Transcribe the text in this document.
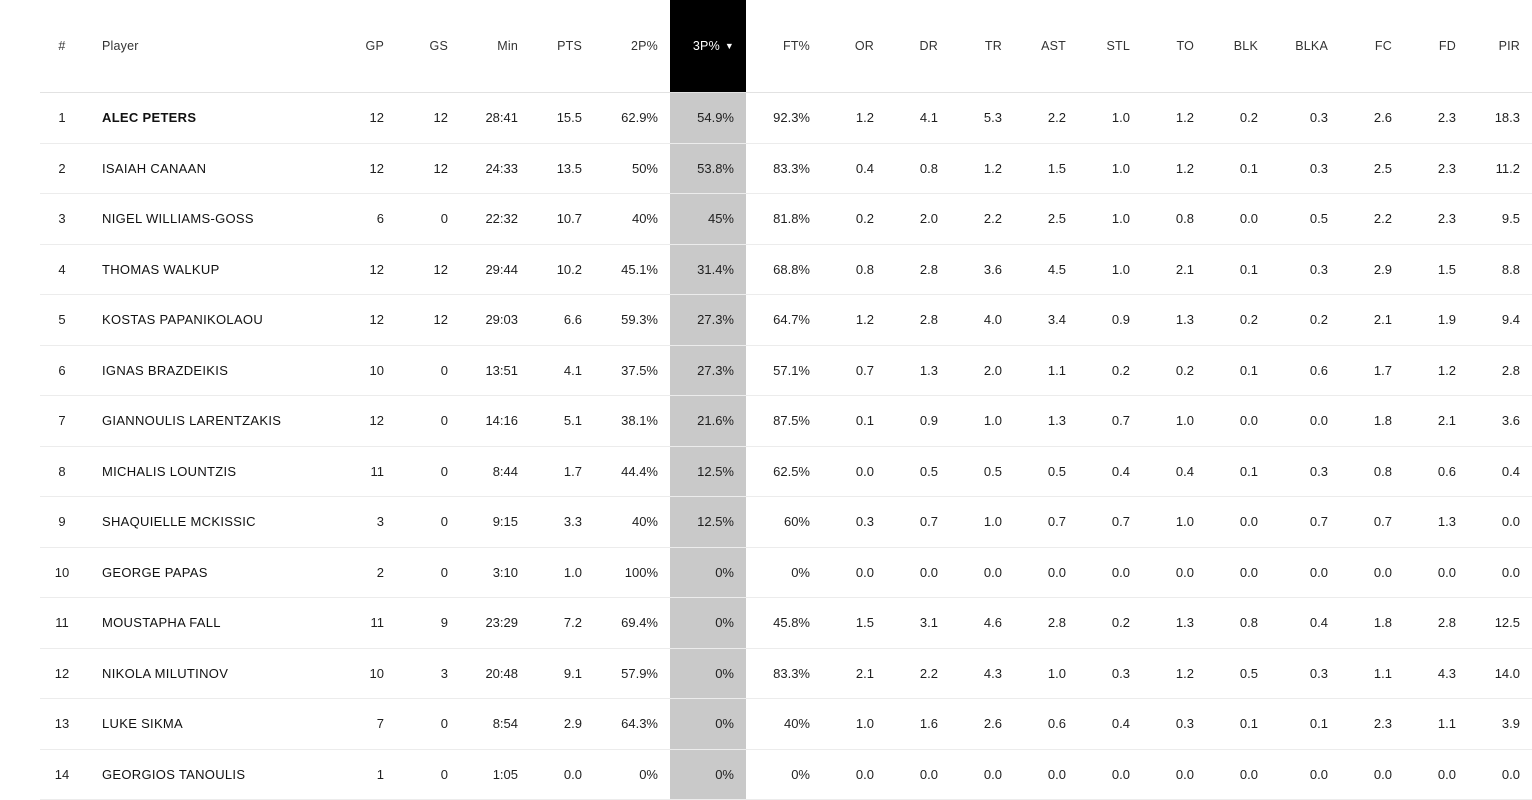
#	Player	GP	GS	Min	PTS	2P%	3P% ▼	FT%	OR	DR	TR	AST	STL	TO	BLK	BLKA	FC	FD	PIR
1	ALEC PETERS	12	12	28:41	15.5	62.9%	54.9%	92.3%	1.2	4.1	5.3	2.2	1.0	1.2	0.2	0.3	2.6	2.3	18.3
2	ISAIAH CANAAN	12	12	24:33	13.5	50%	53.8%	83.3%	0.4	0.8	1.2	1.5	1.0	1.2	0.1	0.3	2.5	2.3	11.2
3	NIGEL WILLIAMS-GOSS	6	0	22:32	10.7	40%	45%	81.8%	0.2	2.0	2.2	2.5	1.0	0.8	0.0	0.5	2.2	2.3	9.5
4	THOMAS WALKUP	12	12	29:44	10.2	45.1%	31.4%	68.8%	0.8	2.8	3.6	4.5	1.0	2.1	0.1	0.3	2.9	1.5	8.8
5	KOSTAS PAPANIKOLAOU	12	12	29:03	6.6	59.3%	27.3%	64.7%	1.2	2.8	4.0	3.4	0.9	1.3	0.2	0.2	2.1	1.9	9.4
6	IGNAS BRAZDEIKIS	10	0	13:51	4.1	37.5%	27.3%	57.1%	0.7	1.3	2.0	1.1	0.2	0.2	0.1	0.6	1.7	1.2	2.8
7	GIANNOULIS LARENTZAKIS	12	0	14:16	5.1	38.1%	21.6%	87.5%	0.1	0.9	1.0	1.3	0.7	1.0	0.0	0.0	1.8	2.1	3.6
8	MICHALIS LOUNTZIS	11	0	8:44	1.7	44.4%	12.5%	62.5%	0.0	0.5	0.5	0.5	0.4	0.4	0.1	0.3	0.8	0.6	0.4
9	SHAQUIELLE MCKISSIC	3	0	9:15	3.3	40%	12.5%	60%	0.3	0.7	1.0	0.7	0.7	1.0	0.0	0.7	0.7	1.3	0.0
10	GEORGE PAPAS	2	0	3:10	1.0	100%	0%	0%	0.0	0.0	0.0	0.0	0.0	0.0	0.0	0.0	0.0	0.0	0.0
11	MOUSTAPHA FALL	11	9	23:29	7.2	69.4%	0%	45.8%	1.5	3.1	4.6	2.8	0.2	1.3	0.8	0.4	1.8	2.8	12.5
12	NIKOLA MILUTINOV	10	3	20:48	9.1	57.9%	0%	83.3%	2.1	2.2	4.3	1.0	0.3	1.2	0.5	0.3	1.1	4.3	14.0
13	LUKE SIKMA	7	0	8:54	2.9	64.3%	0%	40%	1.0	1.6	2.6	0.6	0.4	0.3	0.1	0.1	2.3	1.1	3.9
14	GEORGIOS TANOULIS	1	0	1:05	0.0	0%	0%	0%	0.0	0.0	0.0	0.0	0.0	0.0	0.0	0.0	0.0	0.0	0.0
